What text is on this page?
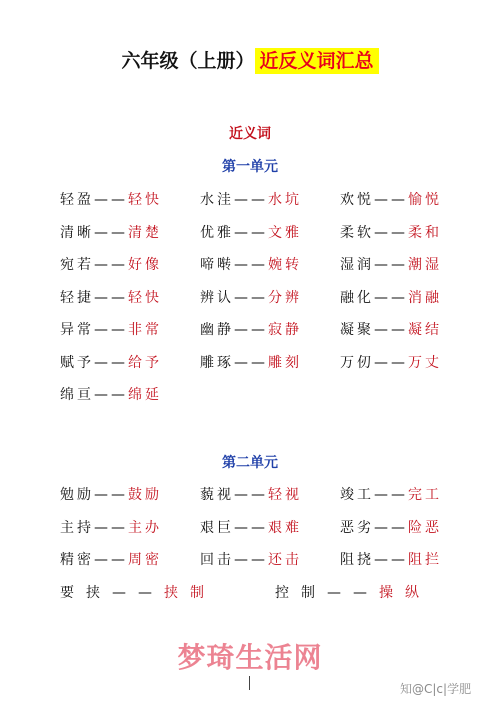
六年级（上册） 近反义词汇总
近义词
第一单元
第二单元
轻盈——轻快	水洼——水坑	欢悦——愉悦
清晰——清楚	优雅——文雅	柔软——柔和
宛若——好像	啼啭——婉转	湿润——潮湿
轻捷——轻快	辨认——分辨	融化——消融
异常——非常	幽静——寂静	凝聚——凝结
赋予——给予	雕琢——雕刻	万仞——万丈
绵亘——绵延
勉励——鼓励	藐视——轻视	竣工——完工
主持——主办	艰巨——艰难	恶劣——险恶
精密——周密	回击——还击	阻挠——阻拦
要挟——挟制	控制——操纵
梦琦生活网
知@C|c|学肥
